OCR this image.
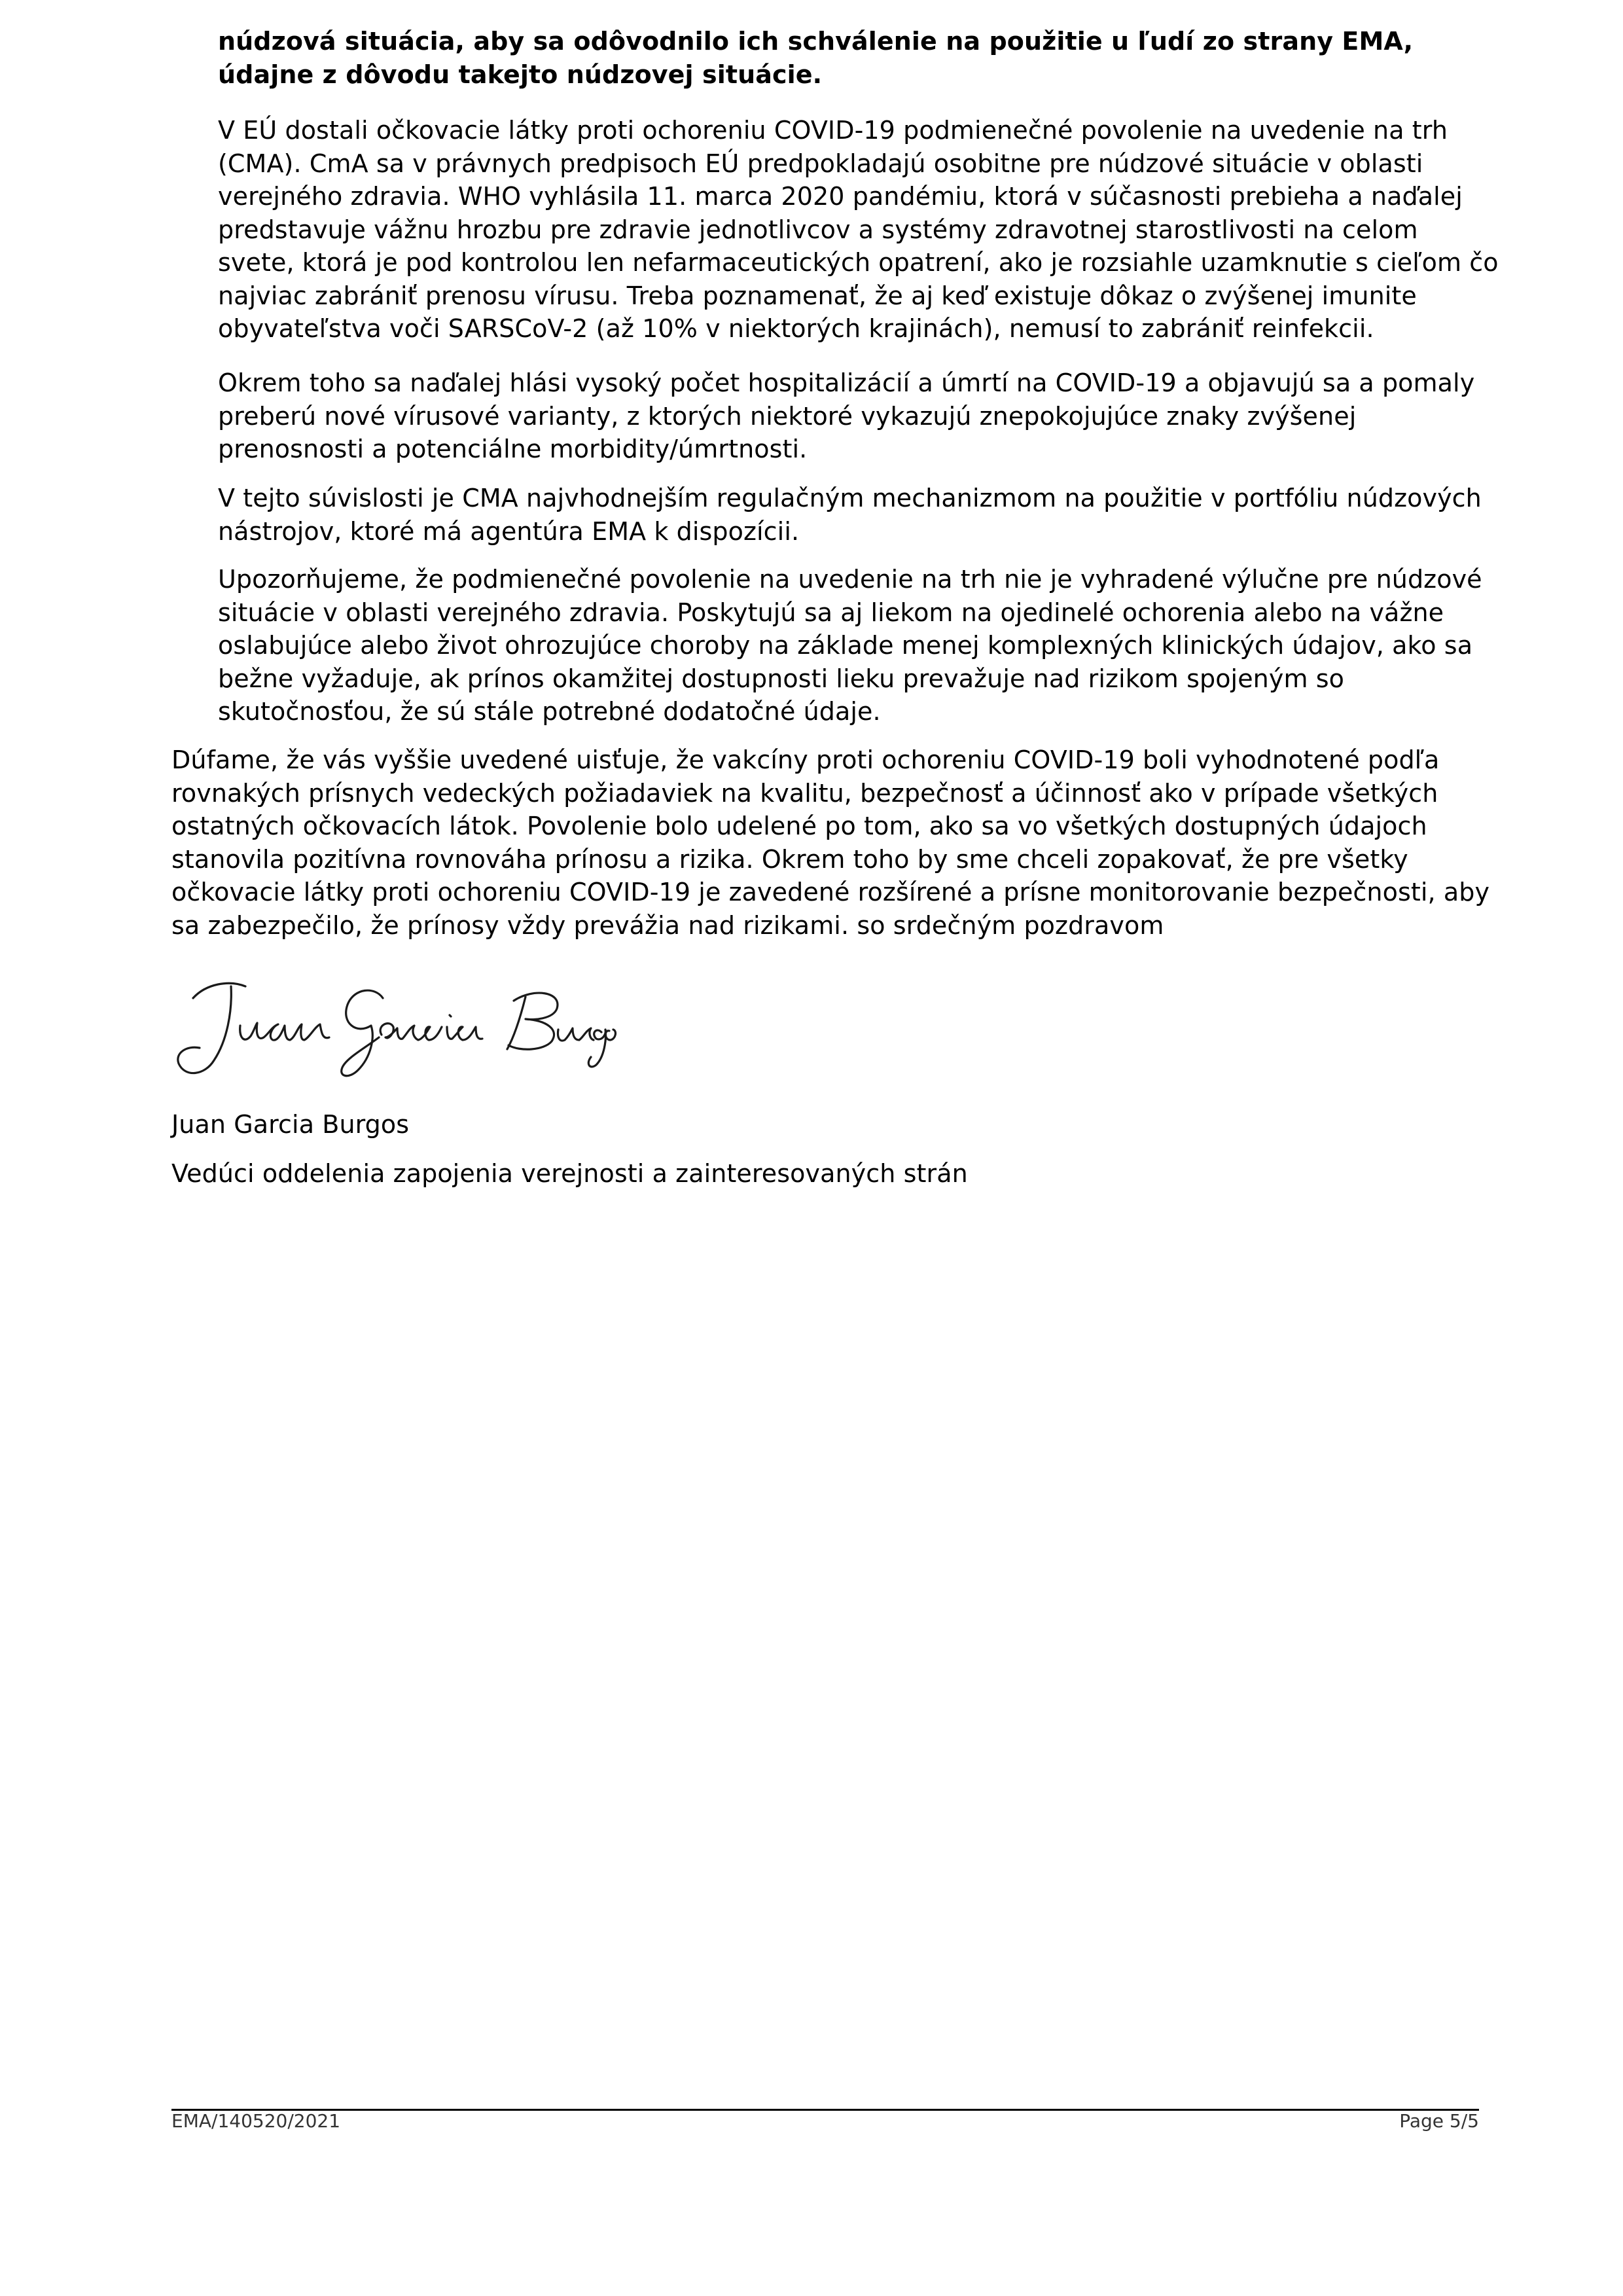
núdzová situácia, aby sa odôvodnilo ich schválenie na použitie u ľudí zo strany EMA, údajne z dôvodu takejto núdzovej situácie.

V EÚ dostali očkovacie látky proti ochoreniu COVID-19 podmienečné povolenie na uvedenie na trh (CMA). CmA sa v právnych predpisoch EÚ predpokladajú osobitne pre núdzové situácie v oblasti verejného zdravia. WHO vyhlásila 11. marca 2020 pandémiu, ktorá v súčasnosti prebieha a naďalej predstavuje vážnu hrozbu pre zdravie jednotlivcov a systémy zdravotnej starostlivosti na celom svete, ktorá je pod kontrolou len nefarmaceutických opatrení, ako je rozsiahle uzamknutie s cieľom čo najviac zabrániť prenosu vírusu. Treba poznamenať, že aj keď existuje dôkaz o zvýšenej imunite obyvateľstva voči SARSCoV-2 (až 10% v niektorých krajinách), nemusí to zabrániť reinfekcii.

Okrem toho sa naďalej hlási vysoký počet hospitalizácií a úmrtí na COVID-19 a objavujú sa a pomaly preberú nové vírusové varianty, z ktorých niektoré vykazujú znepokojujúce znaky zvýšenej prenosnosti a potenciálne morbidity/úmrtnosti.

V tejto súvislosti je CMA najvhodnejším regulačným mechanizmom na použitie v portfóliu núdzových nástrojov, ktoré má agentúra EMA k dispozícii.

Upozorňujeme, že podmienečné povolenie na uvedenie na trh nie je vyhradené výlučne pre núdzové situácie v oblasti verejného zdravia. Poskytujú sa aj liekom na ojedinelé ochorenia alebo na vážne oslabujúce alebo život ohrozujúce choroby na základe menej komplexných klinických údajov, ako sa bežne vyžaduje, ak prínos okamžitej dostupnosti lieku prevažuje nad rizikom spojeným so skutočnosťou, že sú stále potrebné dodatočné údaje.

Dúfame, že vás vyššie uvedené uisťuje, že vakcíny proti ochoreniu COVID-19 boli vyhodnotené podľa rovnakých prísnych vedeckých požiadaviek na kvalitu, bezpečnosť a účinnosť ako v prípade všetkých ostatných očkovacích látok. Povolenie bolo udelené po tom, ako sa vo všetkých dostupných údajoch stanovila pozitívna rovnováha prínosu a rizika. Okrem toho by sme chceli zopakovať, že pre všetky očkovacie látky proti ochoreniu COVID-19 je zavedené rozšírené a prísne monitorovanie bezpečnosti, aby sa zabezpečilo, že prínosy vždy prevážia nad rizikami. so srdečným pozdravom

Juan Garcia Burgos

Vedúci oddelenia zapojenia verejnosti a zainteresovaných strán

EMA/140520/2021	Page 5/5
